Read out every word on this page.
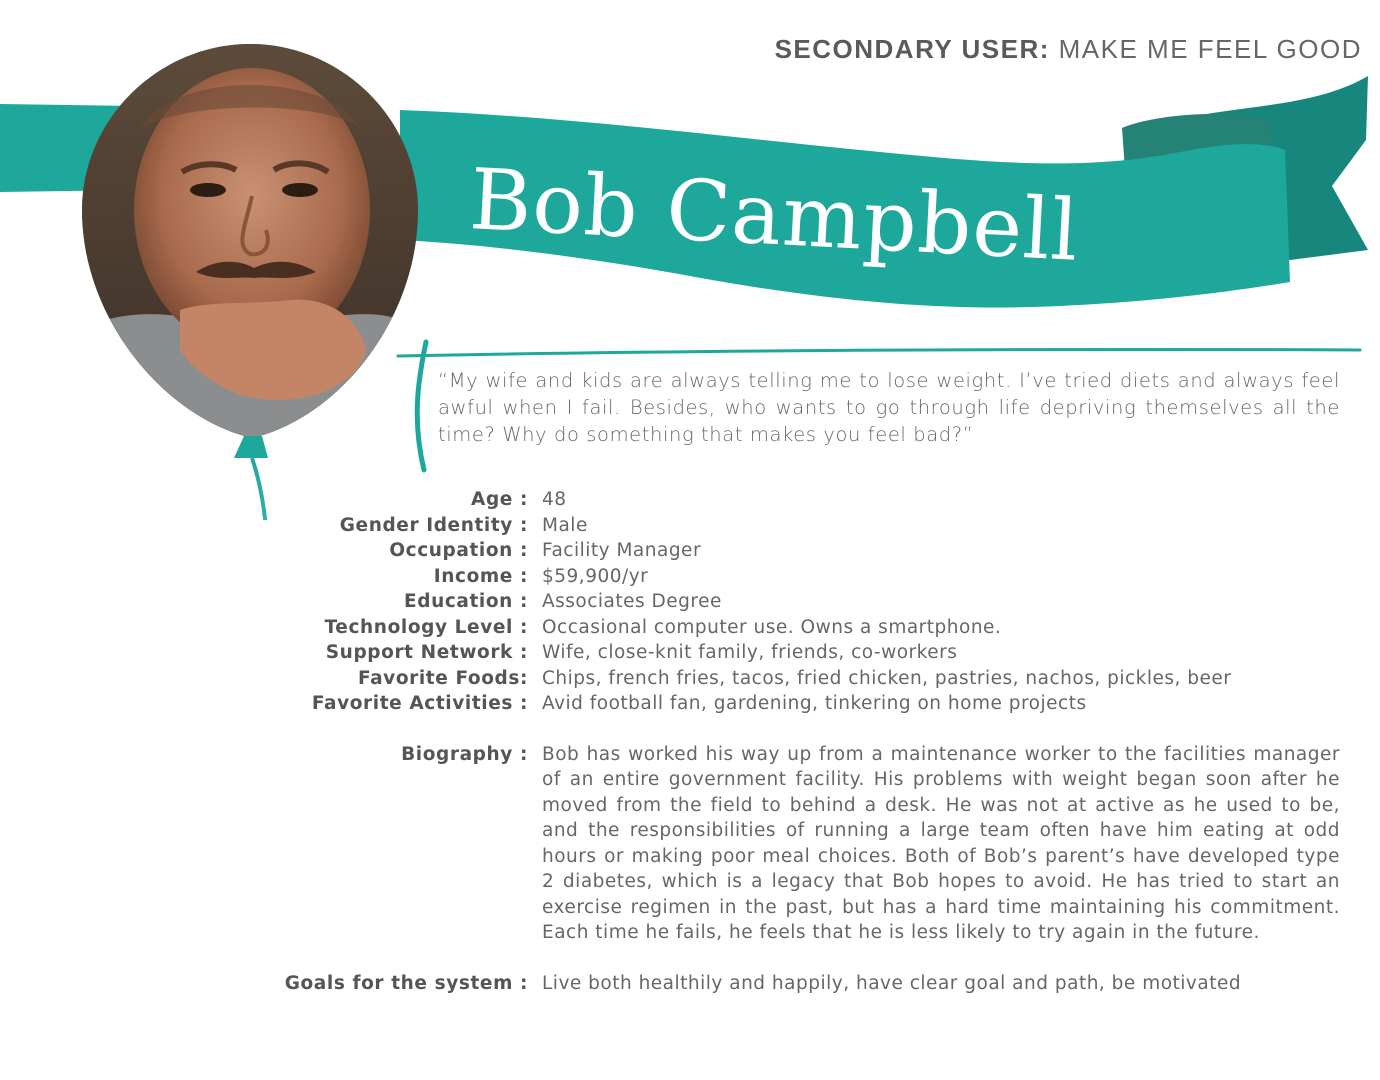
SECONDARY USER: MAKE ME FEEL GOOD
Bob Campbell
“My wife and kids are always telling me to lose weight. I’ve tried diets and always feel awful when I fail. Besides, who wants to go through life depriving themselves all the time? Why do something that makes you feel bad?”
Age : 48
Gender Identity : Male
Occupation : Facility Manager
Income : $59,900/yr
Education : Associates Degree
Technology Level : Occasional computer use. Owns a smartphone.
Support Network : Wife, close-knit family, friends, co-workers
Favorite Foods: Chips, french fries, tacos, fried chicken, pastries, nachos, pickles, beer
Favorite Activities : Avid football fan, gardening, tinkering on home projects
Biography : Bob has worked his way up from a maintenance worker to the facilities manager of an entire government facility. His problems with weight began soon after he moved from the field to behind a desk. He was not at active as he used to be, and the responsibilities of running a large team often have him eating at odd hours or making poor meal choices. Both of Bob’s parent’s have developed type 2 diabetes, which is a legacy that Bob hopes to avoid. He has tried to start an exercise regimen in the past, but has a hard time maintaining his commitment. Each time he fails, he feels that he is less likely to try again in the future.
Goals for the system : Live both healthily and happily, have clear goal and path, be motivated
